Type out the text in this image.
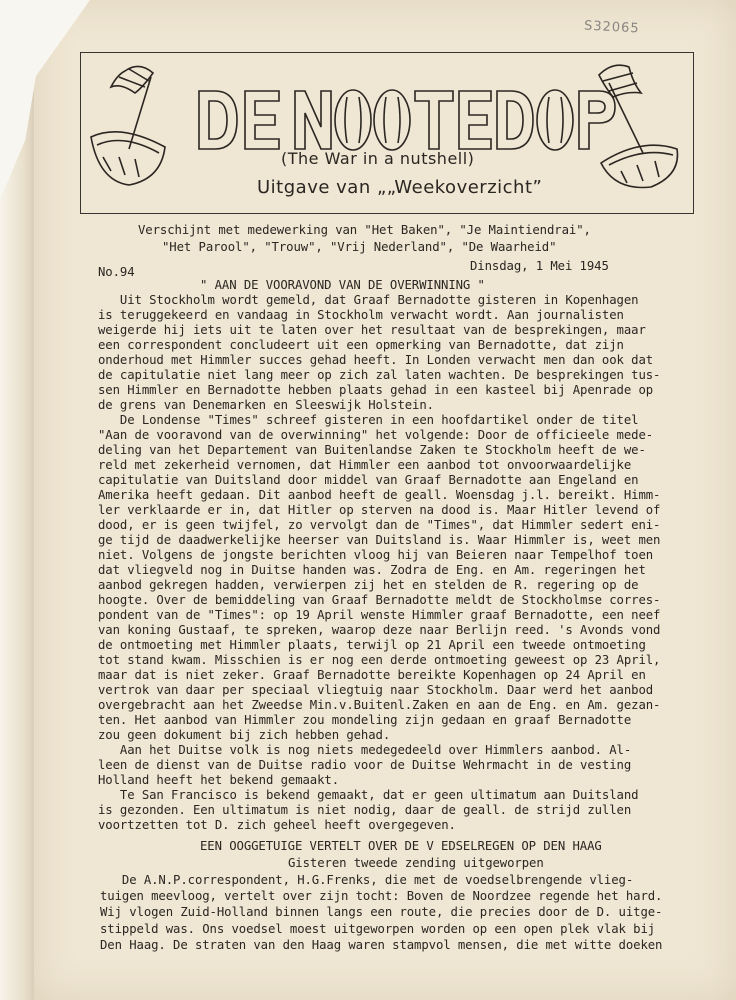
S32065
(The War in a nutshell)
Uitgave van „„Weekoverzicht”
Verschijnt met medewerking van "Het Baken", "Je Maintiendrai",
"Het Parool", "Trouw", "Vrij Nederland", "De Waarheid"
No.94	Dinsdag, 1 Mei 1945
" AAN DE VOORAVOND VAN DE OVERWINNING "
Uit Stockholm wordt gemeld, dat Graaf Bernadotte gisteren in Kopenhagen
is teruggekeerd en vandaag in Stockholm verwacht wordt. Aan journalisten
weigerde hij iets uit te laten over het resultaat van de besprekingen, maar
een correspondent concludeert uit een opmerking van Bernadotte, dat zijn
onderhoud met Himmler succes gehad heeft. In Londen verwacht men dan ook dat
de capitulatie niet lang meer op zich zal laten wachten. De besprekingen tus-
sen Himmler en Bernadotte hebben plaats gehad in een kasteel bij Apenrade op
de grens van Denemarken en Sleeswijk Holstein.
De Londense "Times" schreef gisteren in een hoofdartikel onder de titel
"Aan de vooravond van de overwinning" het volgende: Door de officieele mede-
deling van het Departement van Buitenlandse Zaken te Stockholm heeft de we-
reld met zekerheid vernomen, dat Himmler een aanbod tot onvoorwaardelijke
capitulatie van Duitsland door middel van Graaf Bernadotte aan Engeland en
Amerika heeft gedaan. Dit aanbod heeft de geall. Woensdag j.l. bereikt. Himm-
ler verklaarde er in, dat Hitler op sterven na dood is. Maar Hitler levend of
dood, er is geen twijfel, zo vervolgt dan de "Times", dat Himmler sedert eni-
ge tijd de daadwerkelijke heerser van Duitsland is. Waar Himmler is, weet men
niet. Volgens de jongste berichten vloog hij van Beieren naar Tempelhof toen
dat vliegveld nog in Duitse handen was. Zodra de Eng. en Am. regeringen het
aanbod gekregen hadden, verwierpen zij het en stelden de R. regering op de
hoogte. Over de bemiddeling van Graaf Bernadotte meldt de Stockholmse corres-
pondent van de "Times": op 19 April wenste Himmler graaf Bernadotte, een neef
van koning Gustaaf, te spreken, waarop deze naar Berlijn reed. 's Avonds vond
de ontmoeting met Himmler plaats, terwijl op 21 April een tweede ontmoeting
tot stand kwam. Misschien is er nog een derde ontmoeting geweest op 23 April,
maar dat is niet zeker. Graaf Bernadotte bereikte Kopenhagen op 24 April en
vertrok van daar per speciaal vliegtuig naar Stockholm. Daar werd het aanbod
overgebracht aan het Zweedse Min.v.Buitenl.Zaken en aan de Eng. en Am. gezan-
ten. Het aanbod van Himmler zou mondeling zijn gedaan en graaf Bernadotte
zou geen dokument bij zich hebben gehad.
Aan het Duitse volk is nog niets medegedeeld over Himmlers aanbod. Al-
leen de dienst van de Duitse radio voor de Duitse Wehrmacht in de vesting
Holland heeft het bekend gemaakt.
Te San Francisco is bekend gemaakt, dat er geen ultimatum aan Duitsland
is gezonden. Een ultimatum is niet nodig, daar de geall. de strijd zullen
voortzetten tot D. zich geheel heeft overgegeven.
EEN OOGGETUIGE VERTELT OVER DE V EDSELREGEN OP DEN HAAG
Gisteren tweede zending uitgeworpen
De A.N.P.correspondent, H.G.Frenks, die met de voedselbrengende vlieg-
tuigen meevloog, vertelt over zijn tocht: Boven de Noordzee regende het hard.
Wij vlogen Zuid-Holland binnen langs een route, die precies door de D. uitge-
stippeld was. Ons voedsel moest uitgeworpen worden op een open plek vlak bij
Den Haag. De straten van den Haag waren stampvol mensen, die met witte doeken
